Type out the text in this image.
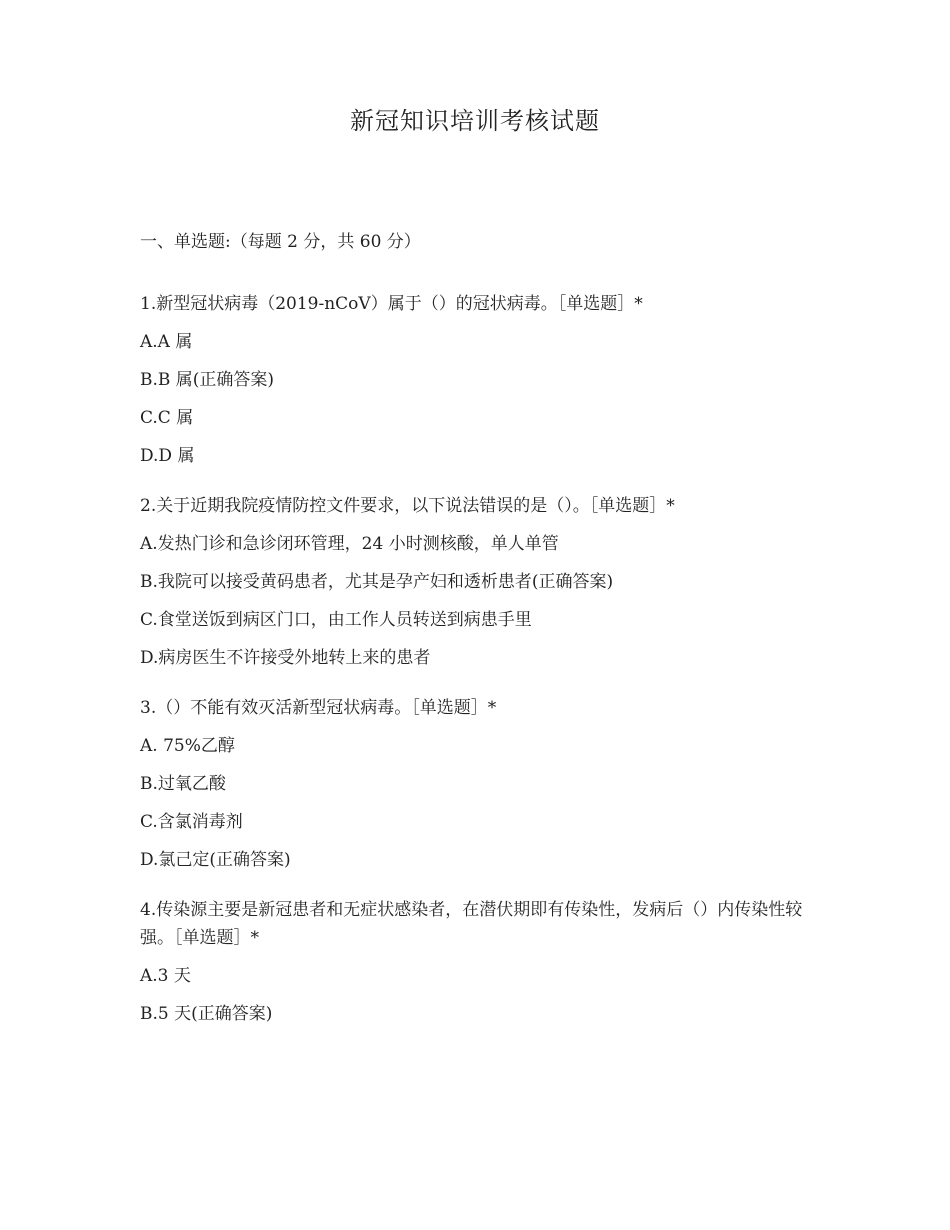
新冠知识培训考核试题
一、单选题:（每题 2 分，共 60 分）
1.新型冠状病毒（2019-nCoV）属于（）的冠状病毒。［单选题］*
A.A 属
B.B 属(正确答案)
C.C 属
D.D 属
2.关于近期我院疫情防控文件要求，以下说法错误的是（）。［单选题］*
A.发热门诊和急诊闭环管理，24 小时测核酸，单人单管
B.我院可以接受黄码患者，尤其是孕产妇和透析患者(正确答案)
C.食堂送饭到病区门口，由工作人员转送到病患手里
D.病房医生不许接受外地转上来的患者
3.（）不能有效灭活新型冠状病毒。［单选题］*
A. 75%乙醇
B.过氧乙酸
C.含氯消毒剂
D.氯己定(正确答案)
4.传染源主要是新冠患者和无症状感染者，在潜伏期即有传染性，发病后（）内传染性较强。［单选题］*
A.3 天
B.5 天(正确答案)
